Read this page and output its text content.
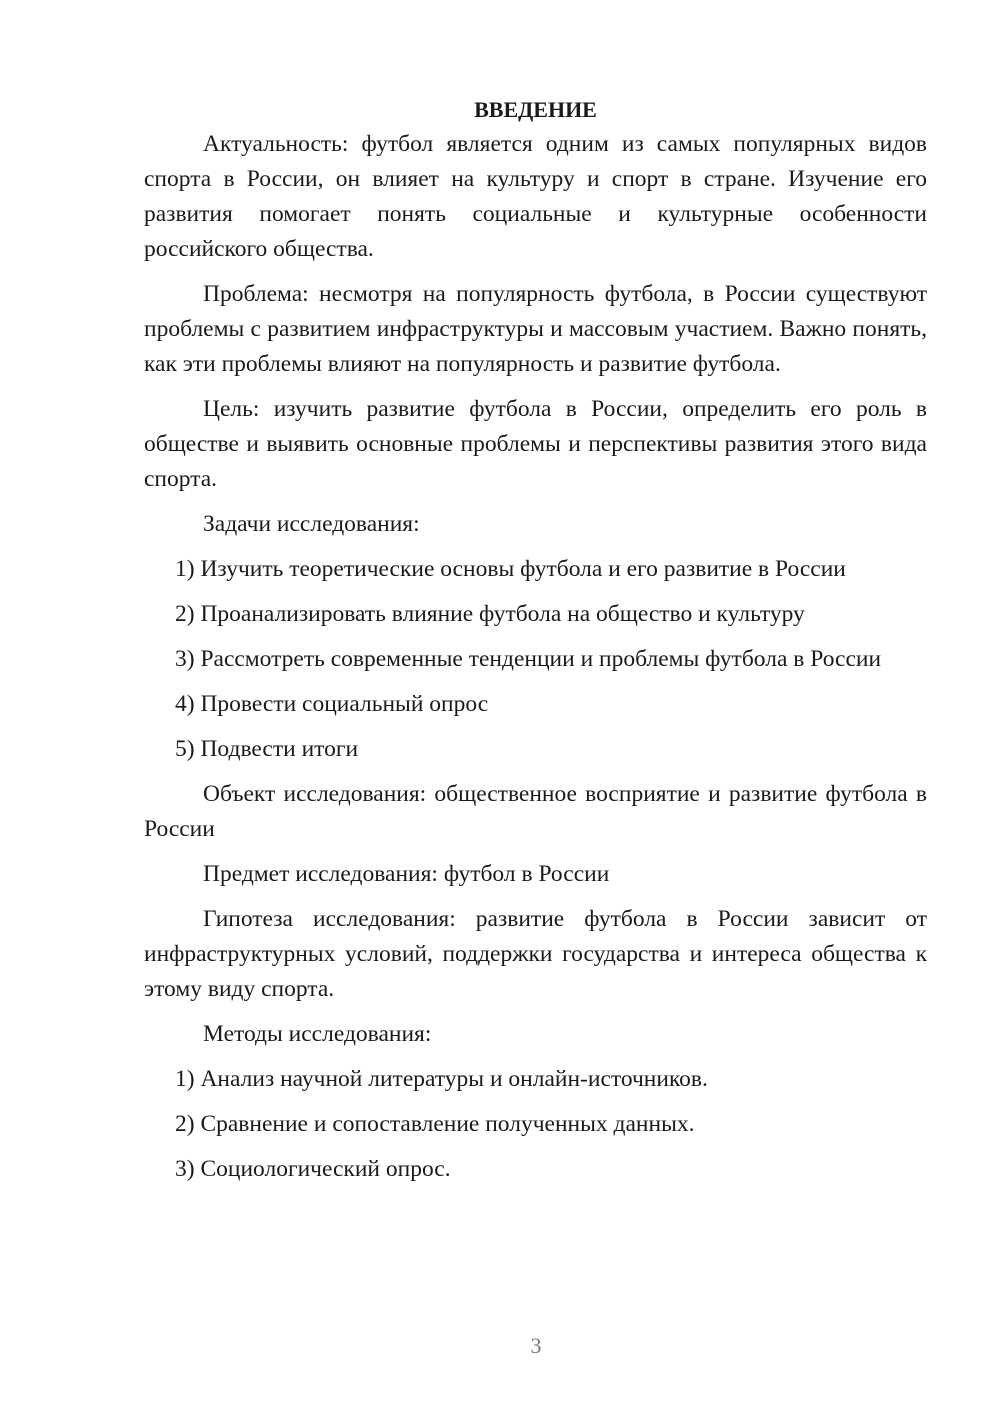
ВВЕДЕНИЕ

Актуальность: футбол является одним из самых популярных видов спорта в России, он влияет на культуру и спорт в стране. Изучение его развития помогает понять социальные и культурные особенности российского общества.

Проблема: несмотря на популярность футбола, в России существуют проблемы с развитием инфраструктуры и массовым участием. Важно понять, как эти проблемы влияют на популярность и развитие футбола.

Цель: изучить развитие футбола в России, определить его роль в обществе и выявить основные проблемы и перспективы развития этого вида спорта.

Задачи исследования:

1) Изучить теоретические основы футбола и его развитие в России
2) Проанализировать влияние футбола на общество и культуру
3) Рассмотреть современные тенденции и проблемы футбола в России
4) Провести социальный опрос
5) Подвести итоги

Объект исследования: общественное восприятие и развитие футбола в России

Предмет исследования: футбол в России

Гипотеза исследования: развитие футбола в России зависит от инфраструктурных условий, поддержки государства и интереса общества к этому виду спорта.

Методы исследования:

1) Анализ научной литературы и онлайн-источников.
2) Сравнение и сопоставление полученных данных.
3) Социологический опрос.
3
